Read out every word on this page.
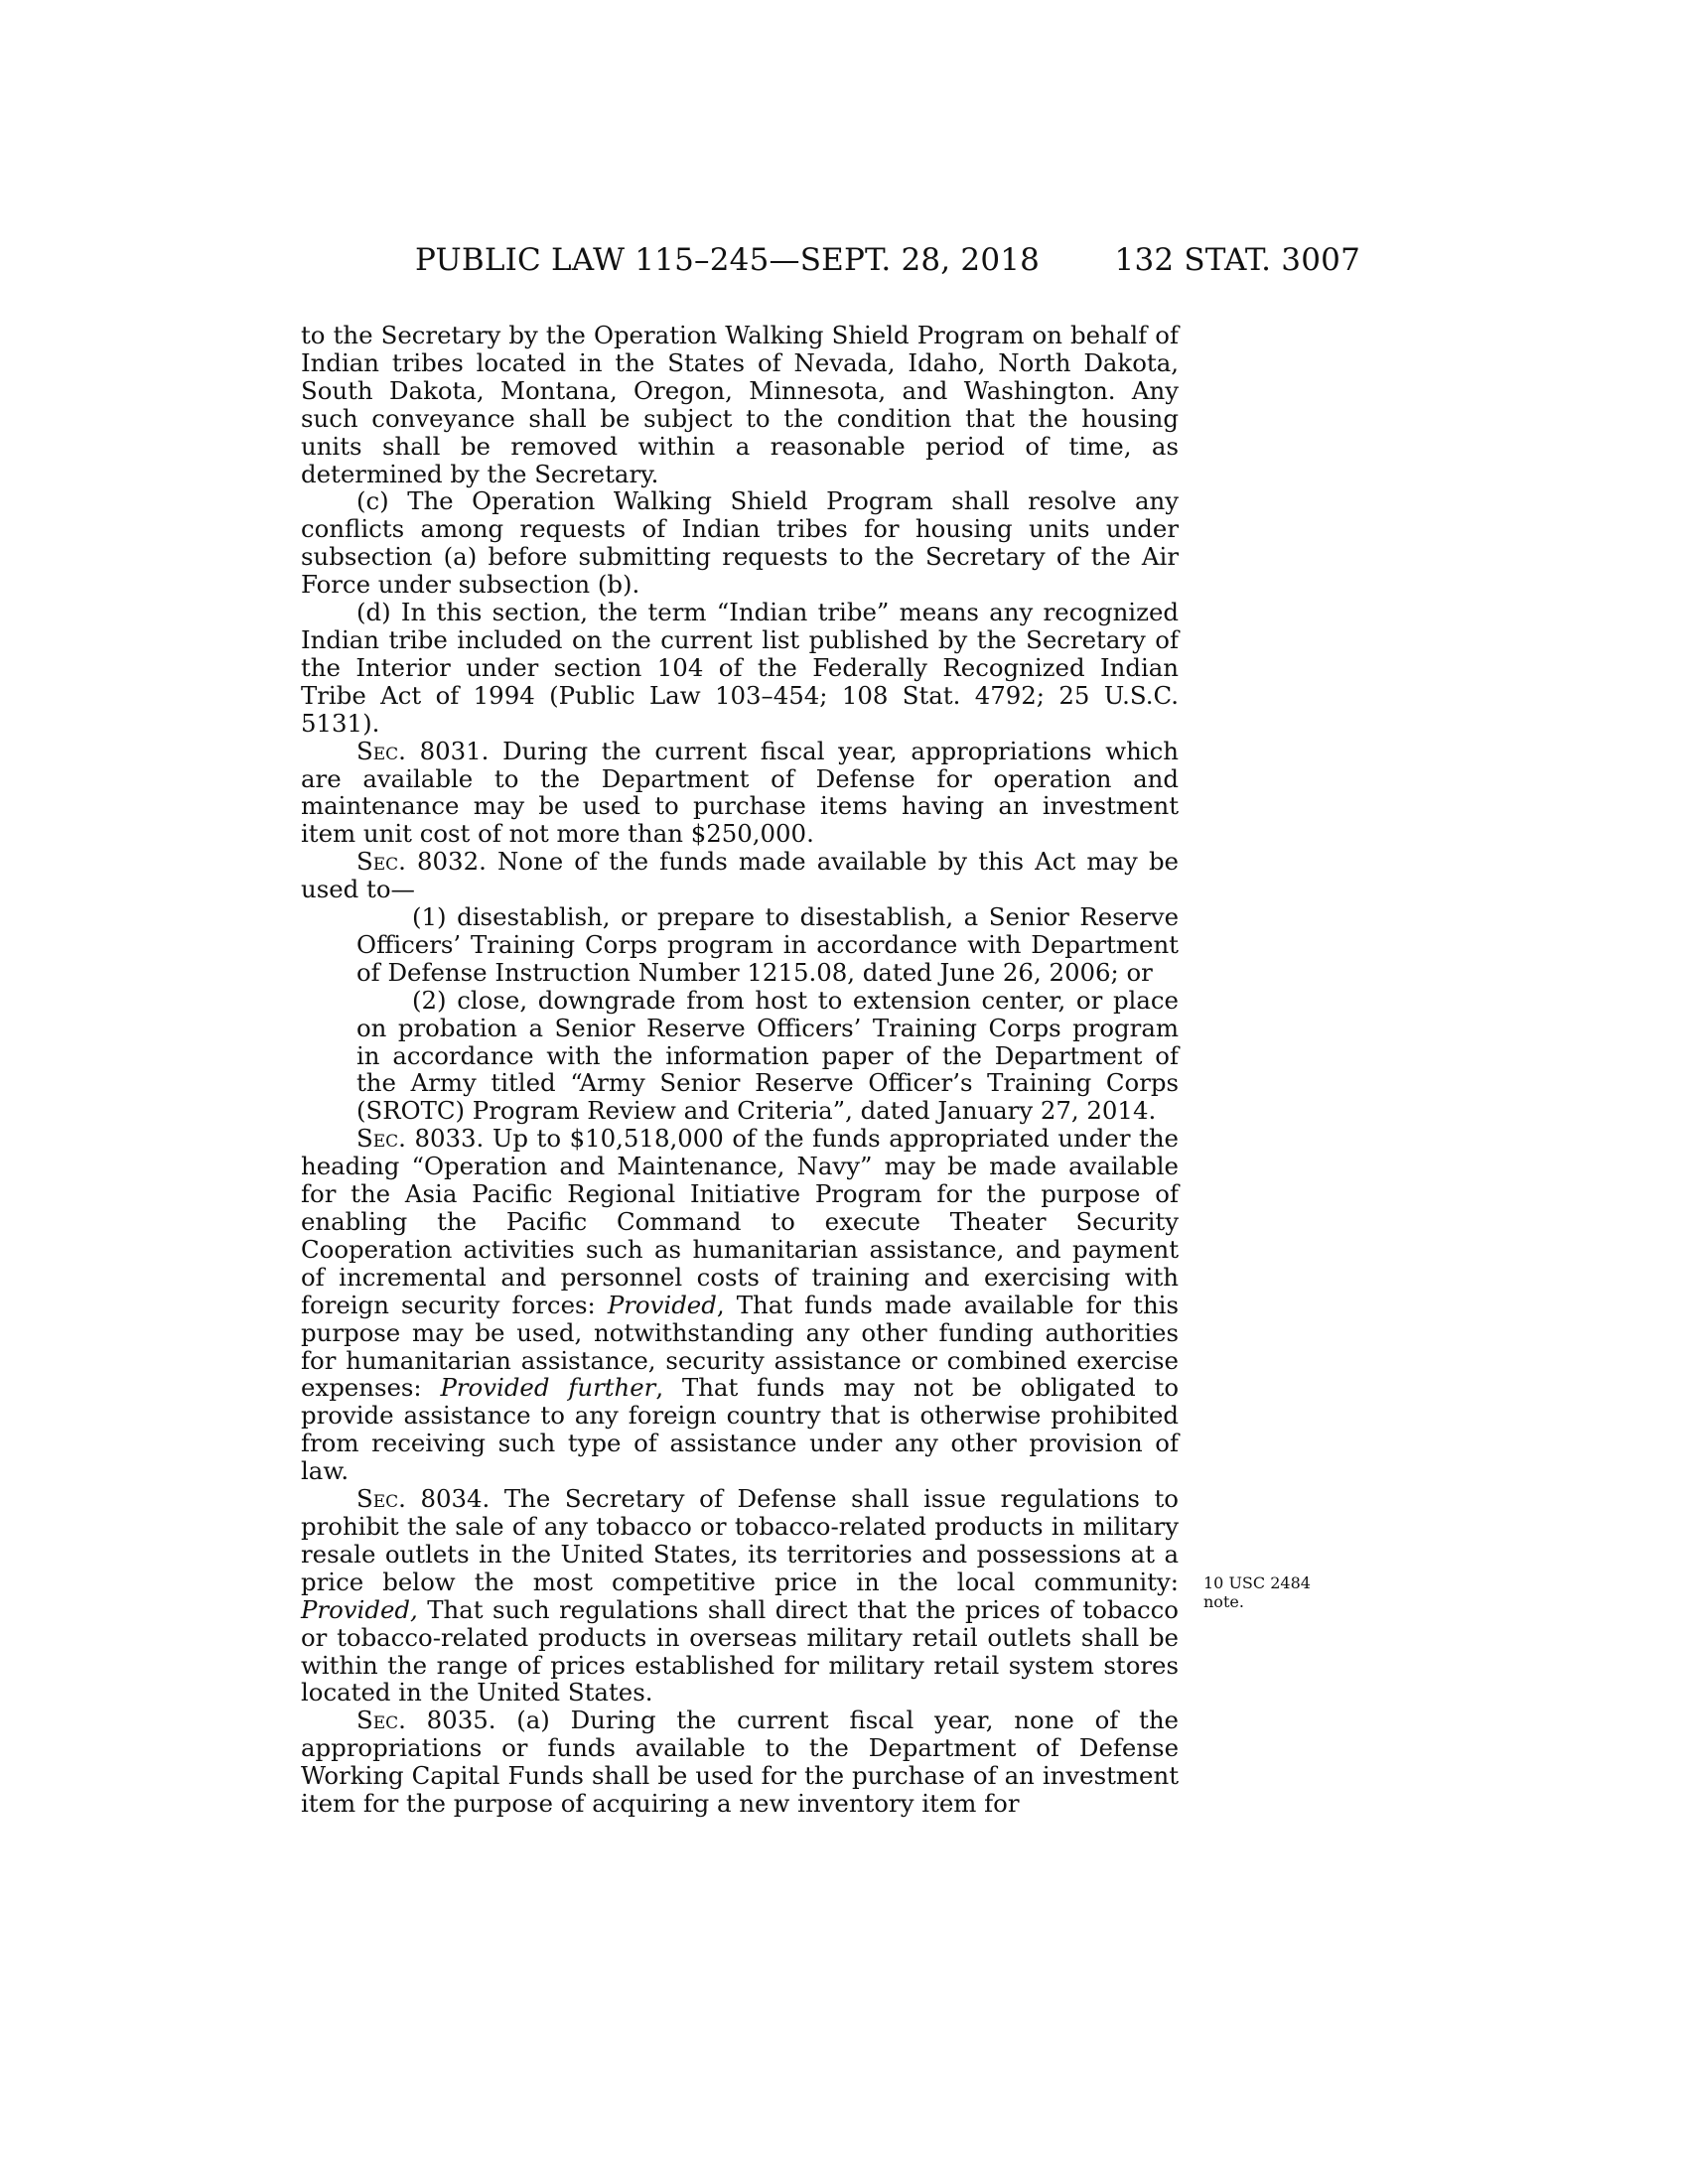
PUBLIC LAW 115–245—SEPT. 28, 2018 132 STAT. 3007

to the Secretary by the Operation Walking Shield Program on behalf of Indian tribes located in the States of Nevada, Idaho, North Dakota, South Dakota, Montana, Oregon, Minnesota, and Washington. Any such conveyance shall be subject to the condition that the housing units shall be removed within a reasonable period of time, as determined by the Secretary.

(c) The Operation Walking Shield Program shall resolve any conflicts among requests of Indian tribes for housing units under subsection (a) before submitting requests to the Secretary of the Air Force under subsection (b).

(d) In this section, the term “Indian tribe” means any recognized Indian tribe included on the current list published by the Secretary of the Interior under section 104 of the Federally Recognized Indian Tribe Act of 1994 (Public Law 103–454; 108 Stat. 4792; 25 U.S.C. 5131).

Sec. 8031. During the current fiscal year, appropriations which are available to the Department of Defense for operation and maintenance may be used to purchase items having an investment item unit cost of not more than $250,000.

Sec. 8032. None of the funds made available by this Act may be used to—

(1) disestablish, or prepare to disestablish, a Senior Reserve Officers’ Training Corps program in accordance with Department of Defense Instruction Number 1215.08, dated June 26, 2006; or

(2) close, downgrade from host to extension center, or place on probation a Senior Reserve Officers’ Training Corps program in accordance with the information paper of the Department of the Army titled “Army Senior Reserve Officer’s Training Corps (SROTC) Program Review and Criteria”, dated January 27, 2014.

Sec. 8033. Up to $10,518,000 of the funds appropriated under the heading “Operation and Maintenance, Navy” may be made available for the Asia Pacific Regional Initiative Program for the purpose of enabling the Pacific Command to execute Theater Security Cooperation activities such as humanitarian assistance, and payment of incremental and personnel costs of training and exercising with foreign security forces: Provided, That funds made available for this purpose may be used, notwithstanding any other funding authorities for humanitarian assistance, security assistance or combined exercise expenses: Provided further, That funds may not be obligated to provide assistance to any foreign country that is otherwise prohibited from receiving such type of assistance under any other provision of law.

Sec. 8034. The Secretary of Defense shall issue regulations to prohibit the sale of any tobacco or tobacco-related products in military resale outlets in the United States, its territories and possessions at a price below the most competitive price in the local community: Provided, That such regulations shall direct that the prices of tobacco or tobacco-related products in overseas military retail outlets shall be within the range of prices established for military retail system stores located in the United States.

Sec. 8035. (a) During the current fiscal year, none of the appropriations or funds available to the Department of Defense Working Capital Funds shall be used for the purchase of an investment item for the purpose of acquiring a new inventory item for

10 USC 2484
note.
